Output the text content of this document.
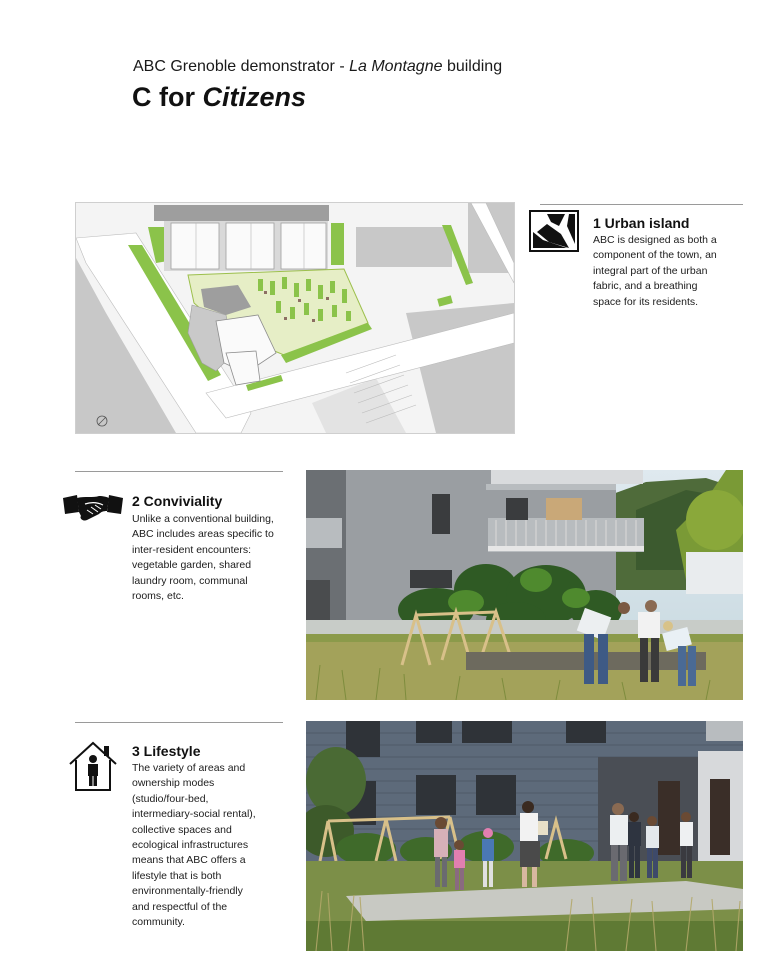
ABC Grenoble demonstrator - La Montagne building
C for Citizens
1 Urban island
ABC is designed as both a
component of the town, an
integral part of the urban
fabric, and a breathing
space for its residents.
2 Conviviality
Unlike a conventional building,
ABC includes areas specific to
inter-resident encounters:
vegetable garden, shared
laundry room, communal
rooms, etc.
3 Lifestyle
The variety of areas and
ownership modes
(studio/four-bed,
intermediary-social rental),
collective spaces and
ecological infrastructures
means that ABC offers a
lifestyle that is both
environmentally-friendly
and respectful of the
community.
